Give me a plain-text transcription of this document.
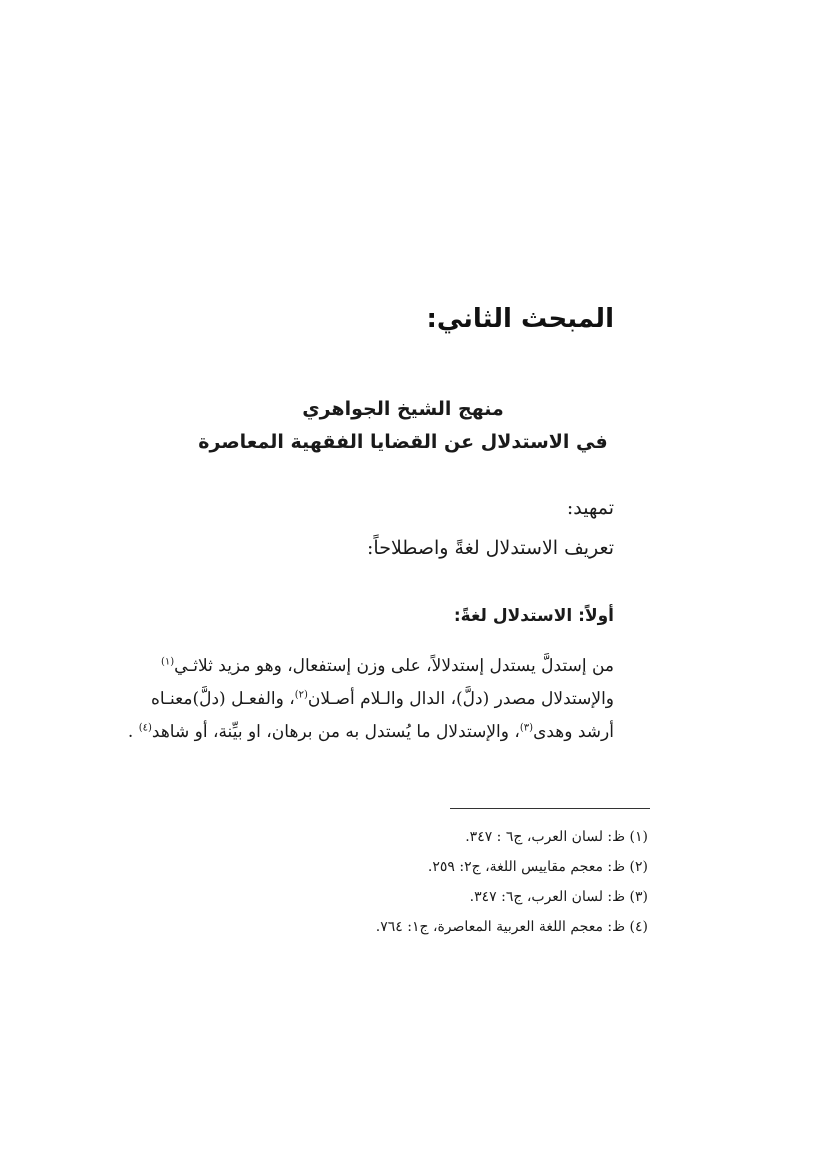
المبحث الثاني:
منهج الشيخ الجواهري
في الاستدلال عن القضايا الفقهية المعاصرة
تمهيد:
تعريف الاستدلال لغةً واصطلاحاً:
أولاً: الاستدلال لغةً:
من إستدلَّ يستدل إستدلالاً، على وزن إستفعال، وهو مزيد ثلاثـي$^{(١)}$
والإستدلال مصدر (دلَّ)، الدال والـلام أصـلان$^{(٢)}$، والفعـل (دلَّ)معنـاه
أرشد وهدى$^{(٣)}$، والإستدلال ما يُستدل به من برهان، او بيِّنة، أو شاهد$^{(٤)}$ .
(١) ظ: لسان العرب، ج٦ : ٣٤٧.
(٢) ظ: معجم مقاييس اللغة، ج٢: ٢٥٩.
(٣) ظ: لسان العرب، ج٦: ٣٤٧.
(٤) ظ: معجم اللغة العربية المعاصرة، ج١: ٧٦٤.
